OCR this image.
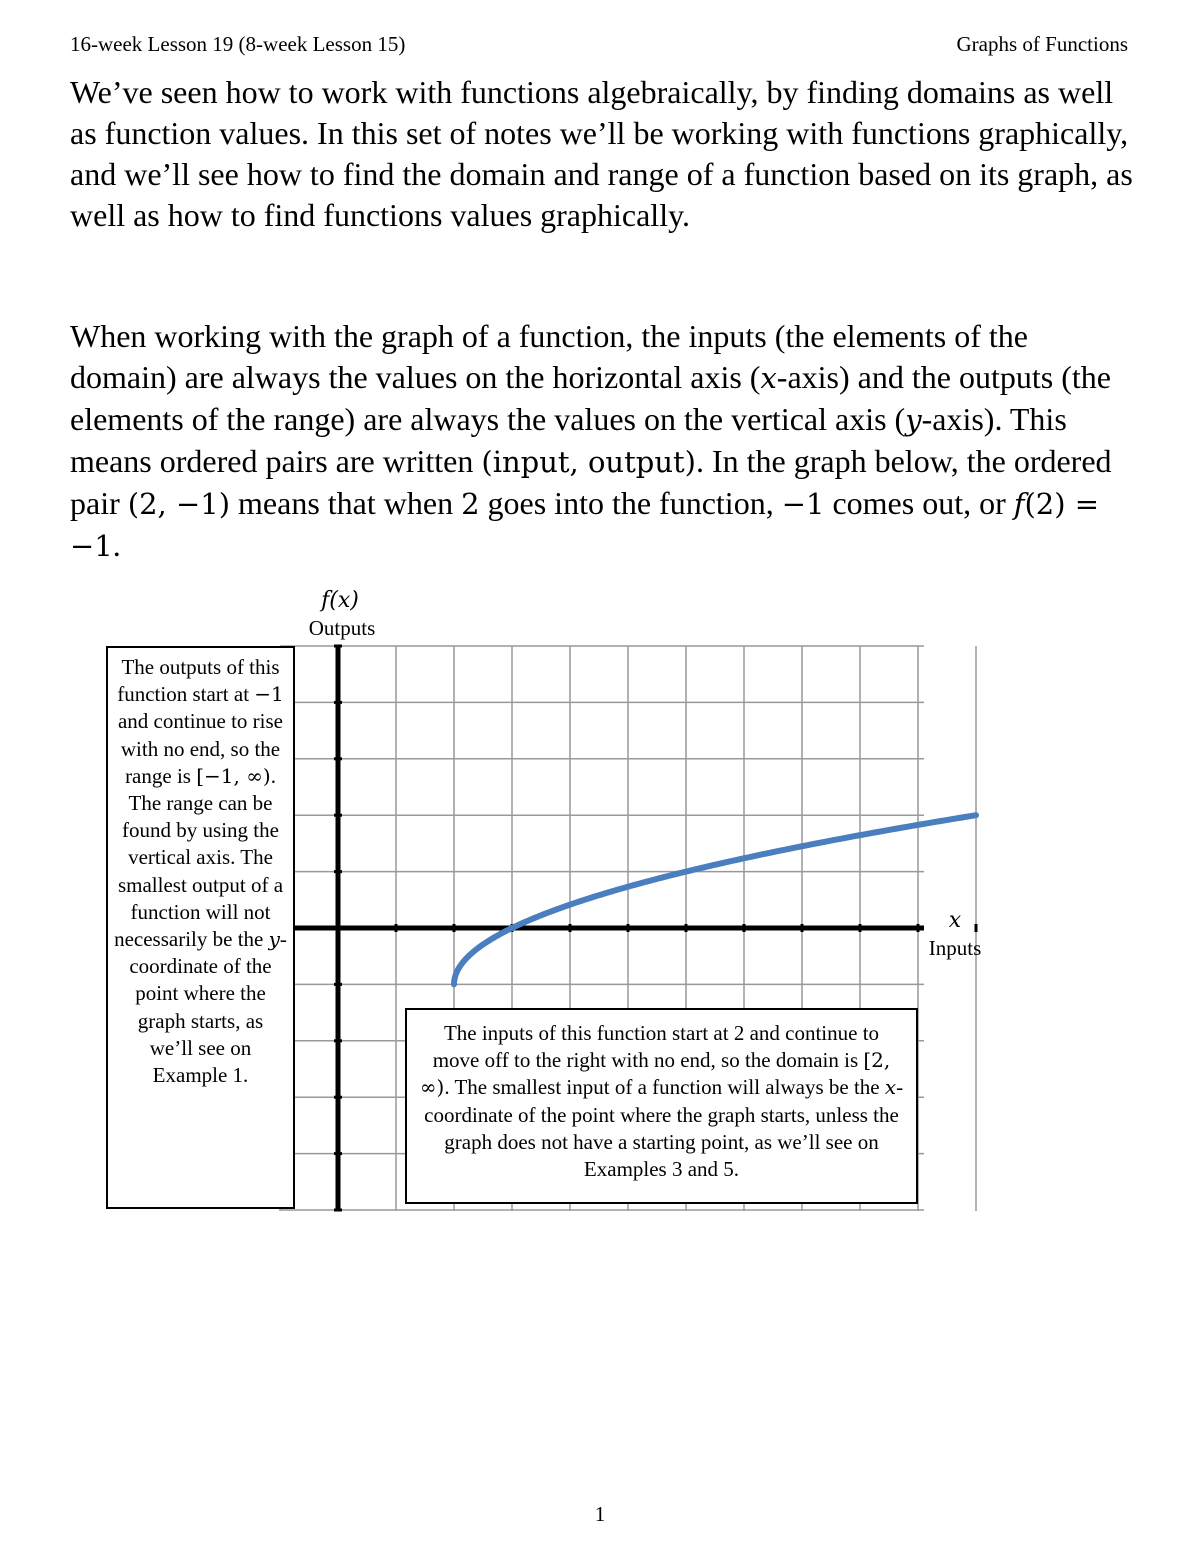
16-week Lesson 19 (8-week Lesson 15)	Graphs of Functions

We’ve seen how to work with functions algebraically, by finding domains as well as function values. In this set of notes we’ll be working with functions graphically, and we’ll see how to find the domain and range of a function based on its graph, as well as how to find functions values graphically.

When working with the graph of a function, the inputs (the elements of the domain) are always the values on the horizontal axis (x-axis) and the outputs (the elements of the range) are always the values on the vertical axis (y-axis). This means ordered pairs are written (input, output). In the graph below, the ordered pair (2, −1) means that when 2 goes into the function, −1 comes out, or f(2) = −1.

f(x)
Outputs
x
Inputs
The outputs of this function start at −1 and continue to rise with no end, so the range is [−1, ∞). The range can be found by using the vertical axis. The smallest output of a function will not necessarily be the y-coordinate of the point where the graph starts, as we’ll see on Example 1.
The inputs of this function start at 2 and continue to move off to the right with no end, so the domain is [2, ∞). The smallest input of a function will always be the x-coordinate of the point where the graph starts, unless the graph does not have a starting point, as we’ll see on Examples 3 and 5.
1
